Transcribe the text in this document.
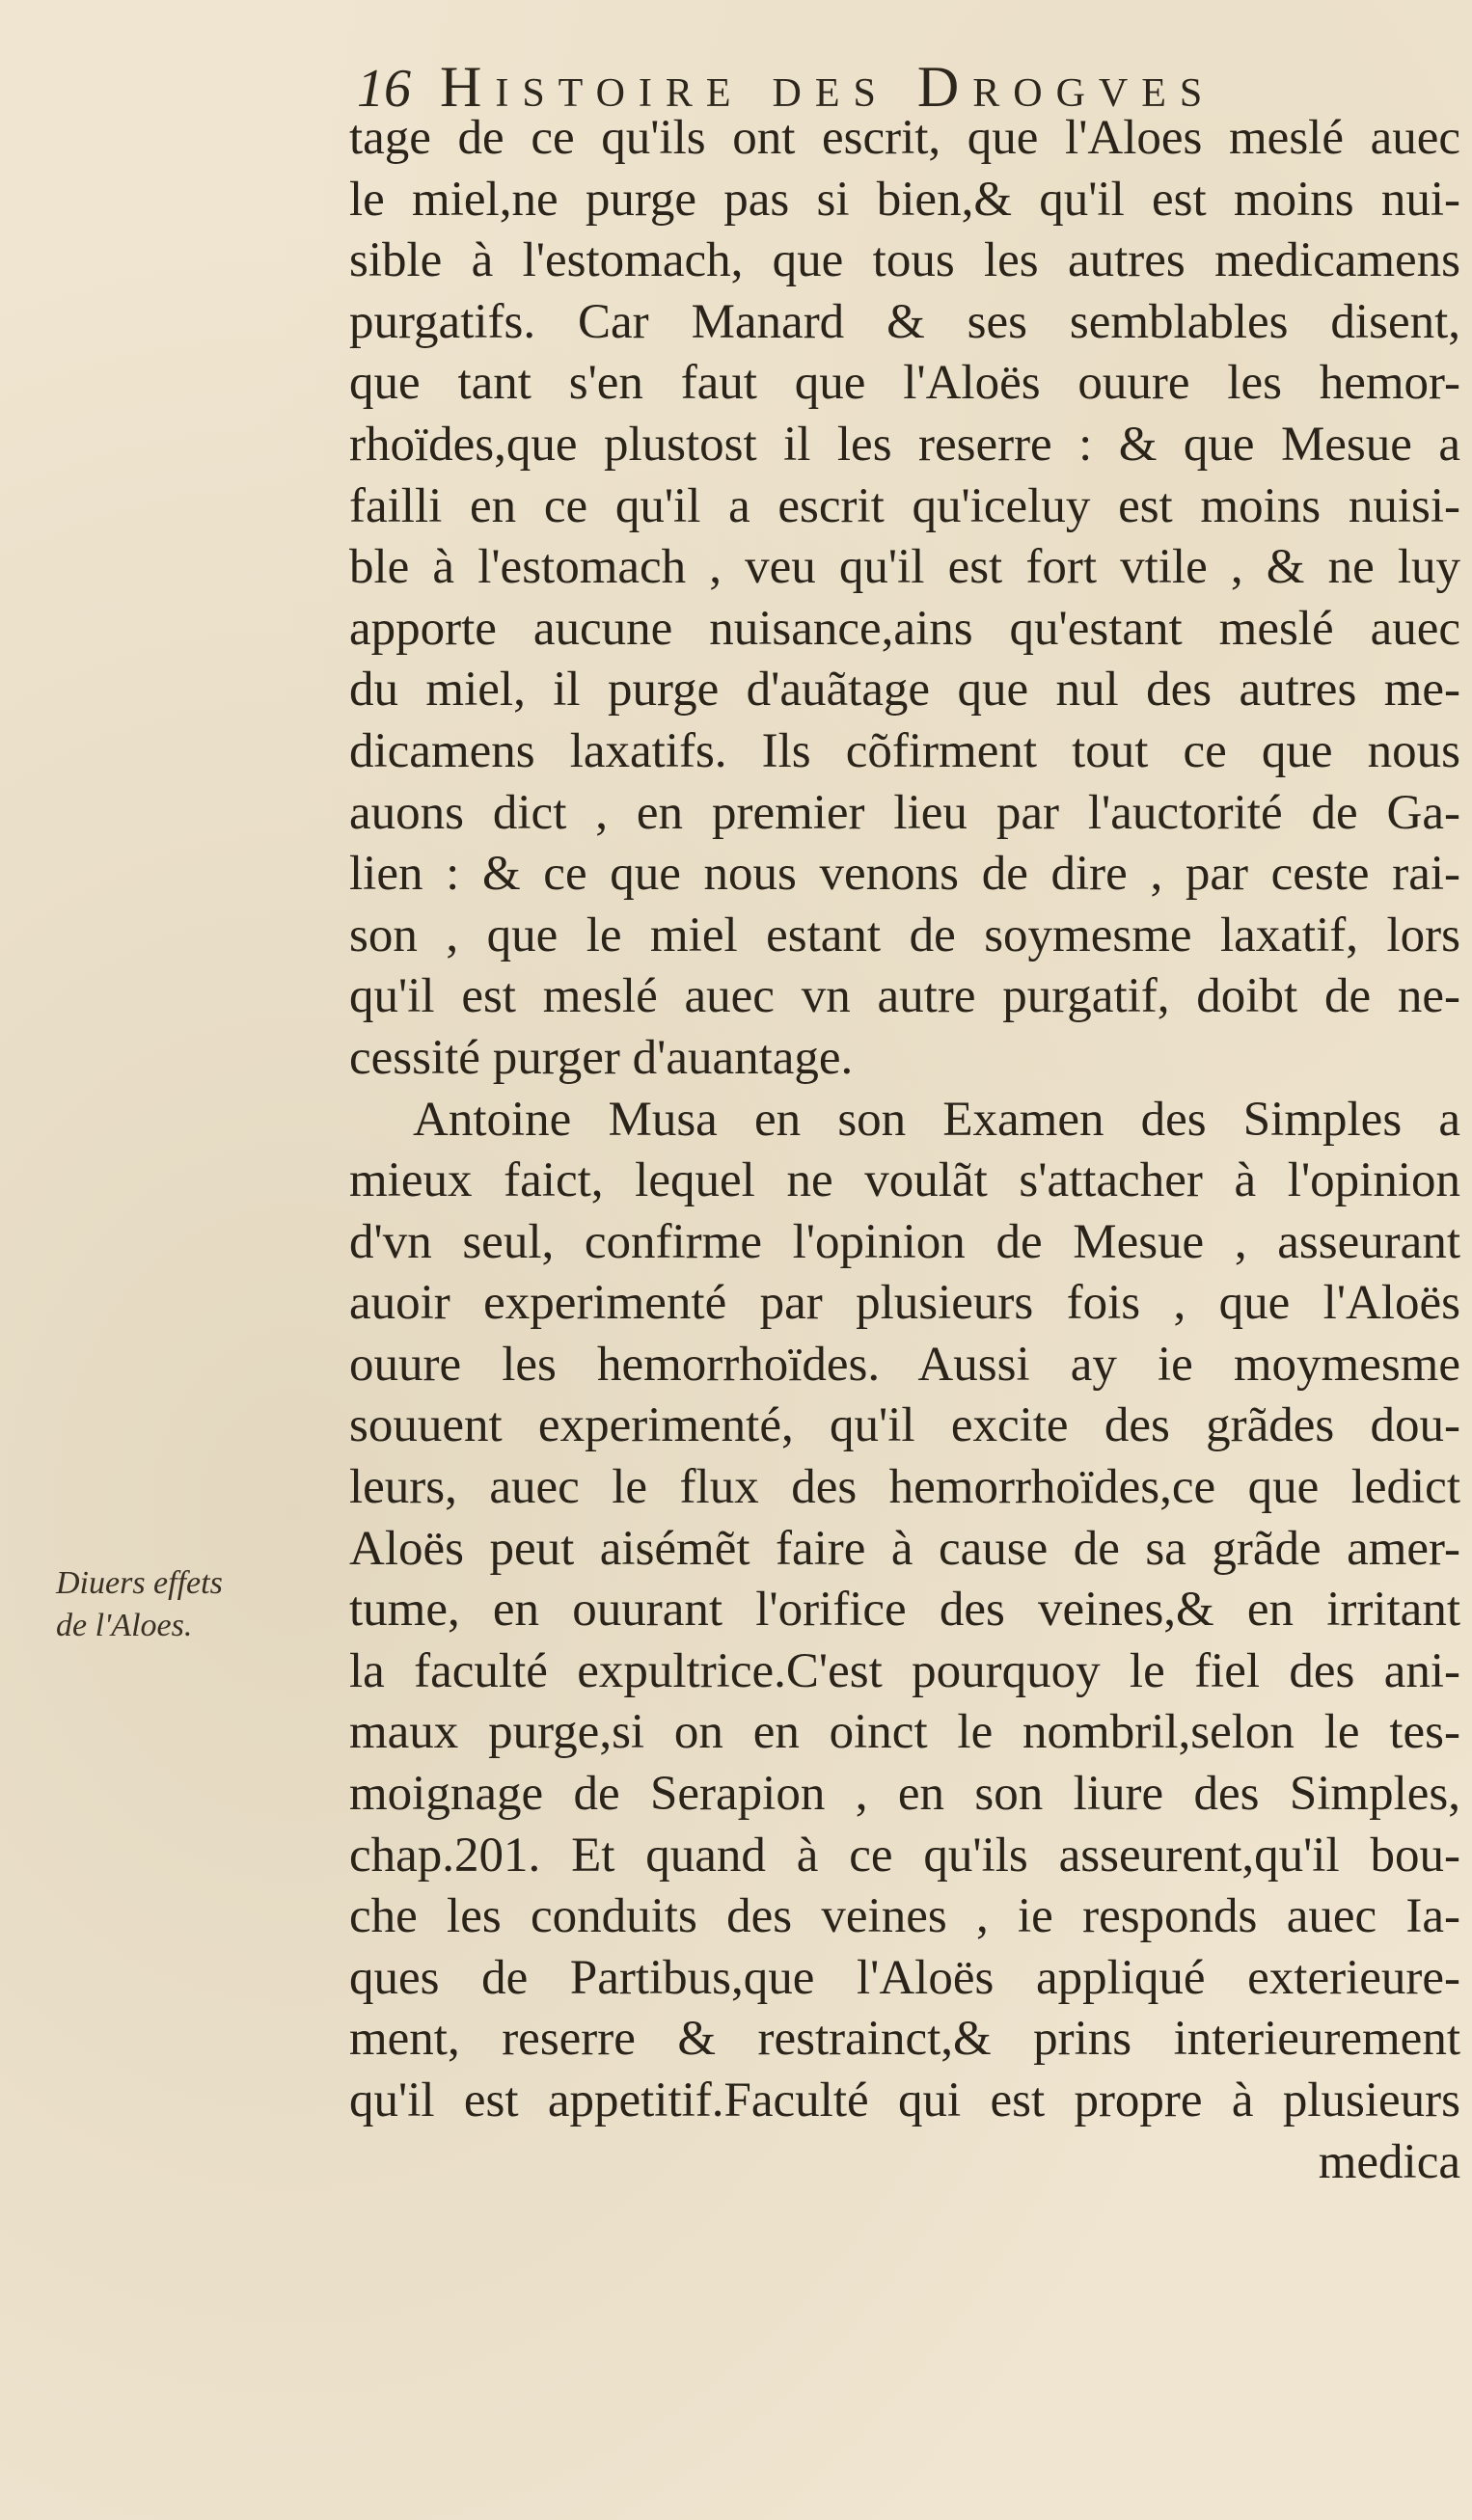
16 Histoire des Drogves
Diuers effets
de l'Aloes.
tage de ce qu'ils ont escrit, que l'Aloes meslé auec
le miel,ne purge pas si bien,& qu'il est moins nui-
sible à l'estomach, que tous les autres medicamens
purgatifs. Car Manard & ses semblables disent,
que tant s'en faut que l'Aloës ouure les hemor-
rhoïdes,que plustost il les reserre : & que Mesue a
failli en ce qu'il a escrit qu'iceluy est moins nuisi-
ble à l'estomach , veu qu'il est fort vtile , & ne luy
apporte aucune nuisance,ains qu'estant meslé auec
du miel, il purge d'auãtage que nul des autres me-
dicamens laxatifs. Ils cõfirment tout ce que nous
auons dict , en premier lieu par l'auctorité de Ga-
lien : & ce que nous venons de dire , par ceste rai-
son , que le miel estant de soymesme laxatif, lors
qu'il est meslé auec vn autre purgatif, doibt de ne-
cessité purger d'auantage.
Antoine Musa en son Examen des Simples a
mieux faict, lequel ne voulãt s'attacher à l'opinion
d'vn seul, confirme l'opinion de Mesue , asseurant
auoir experimenté par plusieurs fois , que l'Aloës
ouure les hemorrhoïdes. Aussi ay ie moymesme
souuent experimenté, qu'il excite des grãdes dou-
leurs, auec le flux des hemorrhoïdes,ce que ledict
Aloës peut aisémẽt faire à cause de sa grãde amer-
tume, en ouurant l'orifice des veines,& en irritant
la faculté expultrice.C'est pourquoy le fiel des ani-
maux purge,si on en oinct le nombril,selon le tes-
moignage de Serapion , en son liure des Simples,
chap.201. Et quand à ce qu'ils asseurent,qu'il bou-
che les conduits des veines , ie responds auec Ia-
ques de Partibus,que l'Aloës appliqué exterieure-
ment, reserre & restrainct,& prins interieurement
qu'il est appetitif.Faculté qui est propre à plusieurs
medica
